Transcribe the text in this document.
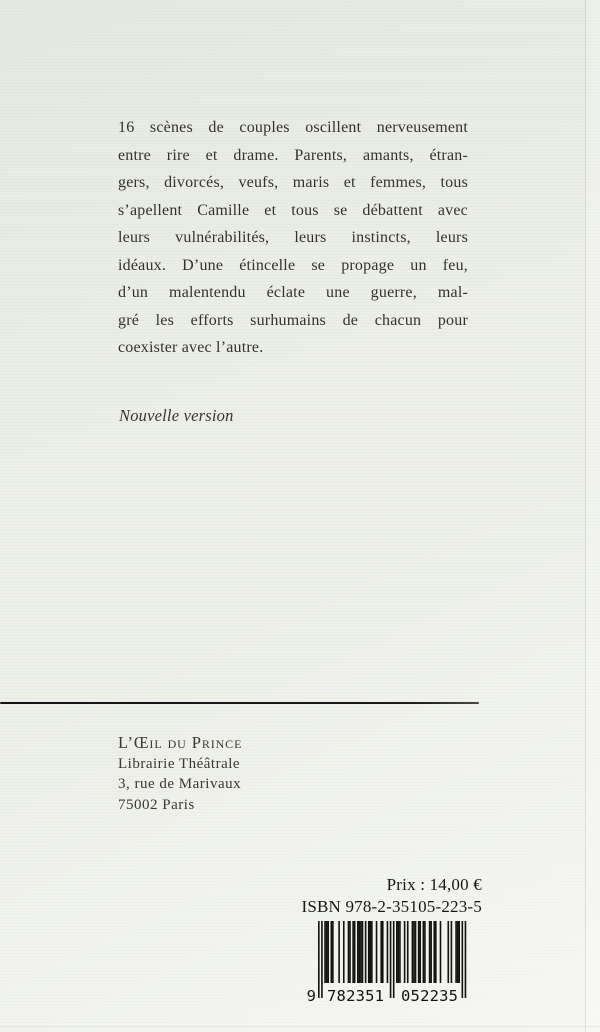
16 scènes de couples oscillent nerveusement
entre rire et drame. Parents, amants, étran-
gers, divorcés, veufs, maris et femmes, tous
s’apellent Camille et tous se débattent avec
leurs vulnérabilités, leurs instincts, leurs
idéaux. D’une étincelle se propage un feu,
d’un malentendu éclate une guerre, mal-
gré les efforts surhumains de chacun pour
coexister avec l’autre.
Nouvelle version
L’Œil du Prince
Librairie Théâtrale
3, rue de Marivaux
75002 Paris
Prix : 14,00 €
ISBN 978-2-35105-223-5
9 782351 052235
